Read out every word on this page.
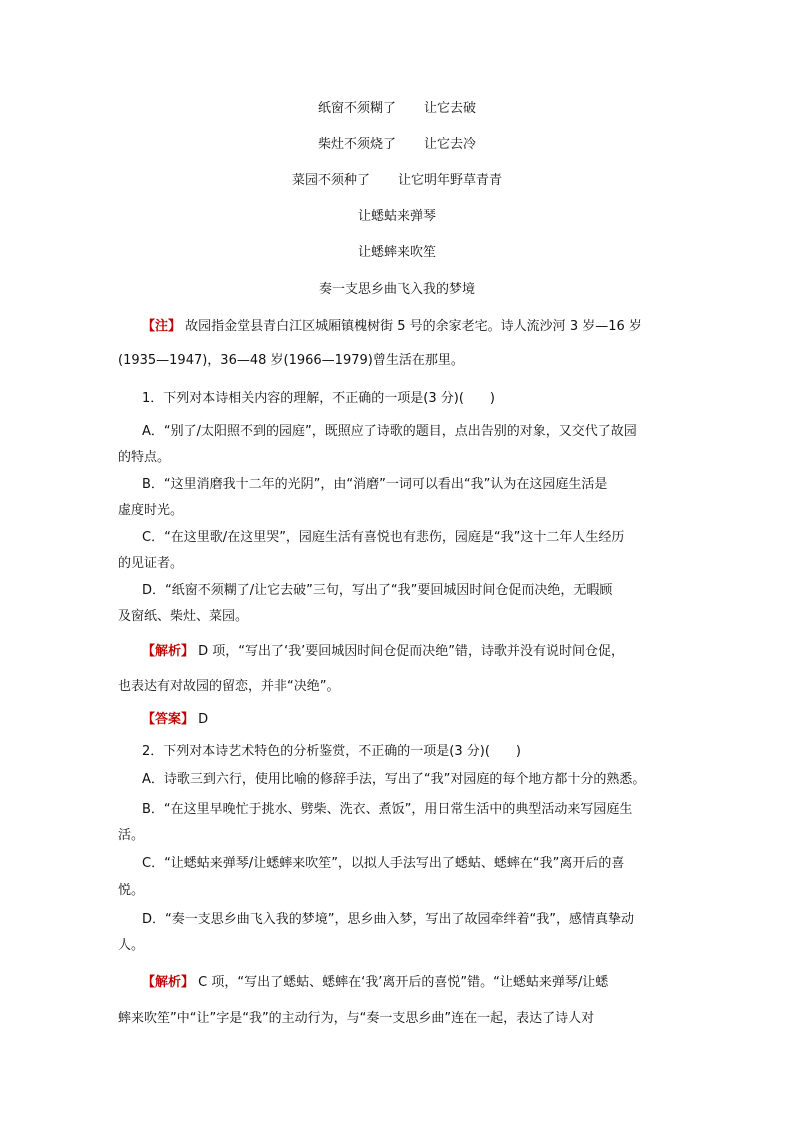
纸窗不须糊了 让它去破
柴灶不须烧了 让它去冷
菜园不须种了 让它明年野草青青
让蟋蛄来弹琴
让蟋蟀来吹笙
奏一支思乡曲飞入我的梦境
【注】 故园指金堂县青白江区城厢镇槐树街 5 号的余家老宅。诗人流沙河 3 岁—16 岁
(1935—1947)，36—48 岁(1966—1979)曾生活在那里。
1．下列对本诗相关内容的理解，不正确的一项是(3 分)(　　)
A．“别了/太阳照不到的园庭”，既照应了诗歌的题目，点出告别的对象，又交代了故园
的特点。
B．“这里消磨我十二年的光阴”，由“消磨”一词可以看出“我”认为在这园庭生活是
虚度时光。
C．“在这里歌/在这里哭”，园庭生活有喜悦也有悲伤，园庭是“我”这十二年人生经历
的见证者。
D．“纸窗不须糊了/让它去破”三句，写出了“我”要回城因时间仓促而决绝，无暇顾
及窗纸、柴灶、菜园。
【解析】 D 项，“写出了‘我’要回城因时间仓促而决绝”错，诗歌并没有说时间仓促，
也表达有对故园的留恋，并非“决绝”。
【答案】 D
2．下列对本诗艺术特色的分析鉴赏，不正确的一项是(3 分)(　　)
A．诗歌三到六行，使用比喻的修辞手法，写出了“我”对园庭的每个地方都十分的熟悉。
B．“在这里早晚忙于挑水、劈柴、洗衣、煮饭”，用日常生活中的典型活动来写园庭生
活。
C．“让蟋蛄来弹琴/让蟋蟀来吹笙”，以拟人手法写出了蟋蛄、蟋蟀在“我”离开后的喜
悦。
D．“奏一支思乡曲飞入我的梦境”，思乡曲入梦，写出了故园牵绊着“我”，感情真挚动
人。
【解析】 C 项，“写出了蟋蛄、蟋蟀在‘我’离开后的喜悦”错。“让蟋蛄来弹琴/让蟋
蟀来吹笙”中“让”字是“我”的主动行为，与“奏一支思乡曲”连在一起，表达了诗人对
